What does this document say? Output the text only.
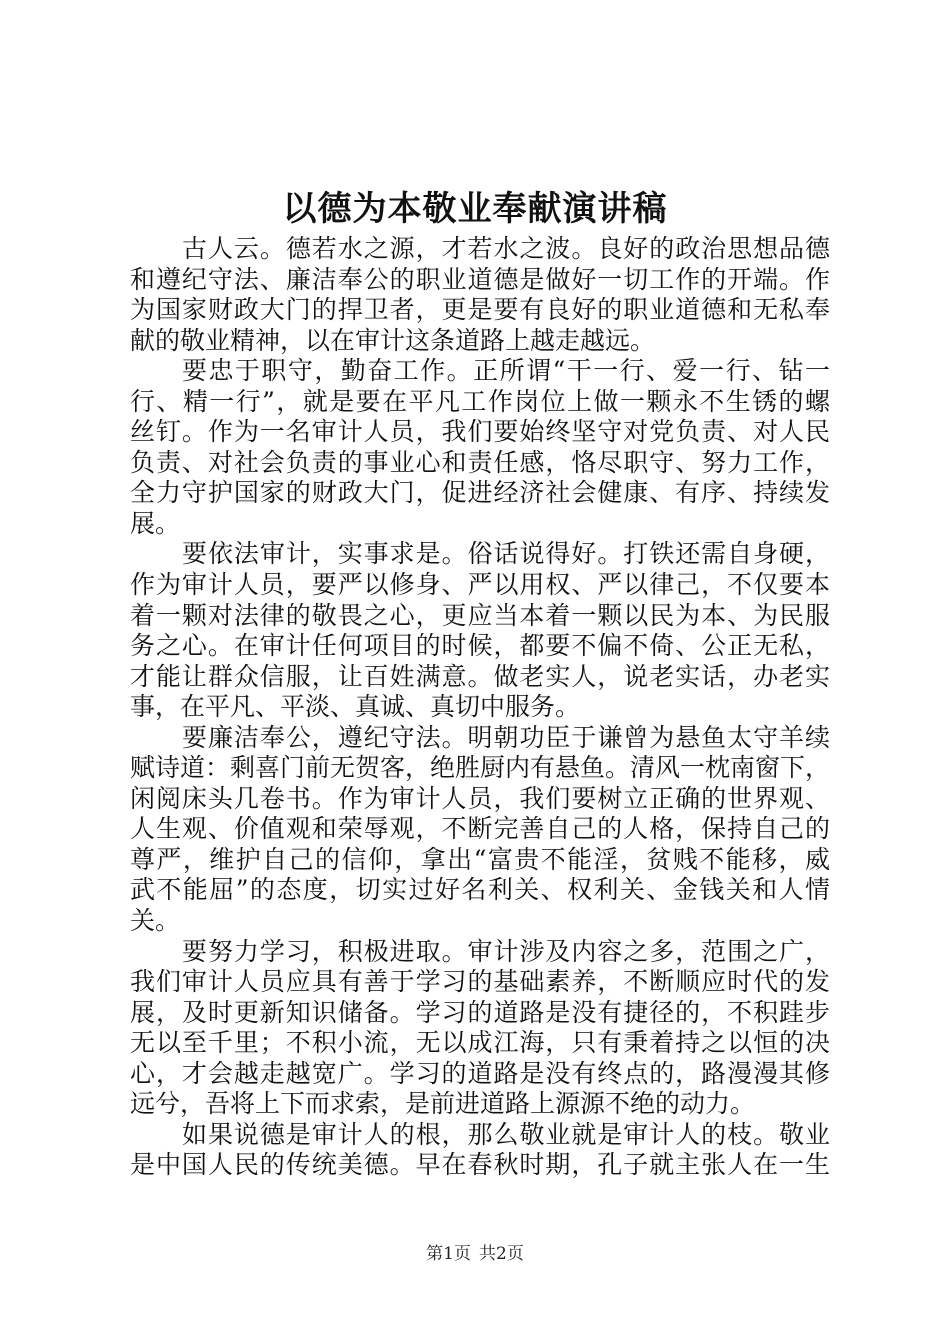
以德为本敬业奉献演讲稿
古人云。德若水之源，才若水之波。良好的政治思想品德
和遵纪守法、廉洁奉公的职业道德是做好一切工作的开端。作
为国家财政大门的捍卫者，更是要有良好的职业道德和无私奉
献的敬业精神，以在审计这条道路上越走越远。
要忠于职守，勤奋工作。正所谓“干一行、爱一行、钻一
行、精一行”，就是要在平凡工作岗位上做一颗永不生锈的螺
丝钉。作为一名审计人员，我们要始终坚守对党负责、对人民
负责、对社会负责的事业心和责任感，恪尽职守、努力工作，
全力守护国家的财政大门，促进经济社会健康、有序、持续发
展。
要依法审计，实事求是。俗话说得好。打铁还需自身硬，
作为审计人员，要严以修身、严以用权、严以律己，不仅要本
着一颗对法律的敬畏之心，更应当本着一颗以民为本、为民服
务之心。在审计任何项目的时候，都要不偏不倚、公正无私，
才能让群众信服，让百姓满意。做老实人，说老实话，办老实
事，在平凡、平淡、真诚、真切中服务。
要廉洁奉公，遵纪守法。明朝功臣于谦曾为悬鱼太守羊续
赋诗道：剩喜门前无贺客，绝胜厨内有悬鱼。清风一枕南窗下，
闲阅床头几卷书。作为审计人员，我们要树立正确的世界观、
人生观、价值观和荣辱观，不断完善自己的人格，保持自己的
尊严，维护自己的信仰，拿出“富贵不能淫，贫贱不能移，威
武不能屈”的态度，切实过好名利关、权利关、金钱关和人情
关。
要努力学习，积极进取。审计涉及内容之多，范围之广，
我们审计人员应具有善于学习的基础素养，不断顺应时代的发
展，及时更新知识储备。学习的道路是没有捷径的，不积跬步
无以至千里；不积小流，无以成江海，只有秉着持之以恒的决
心，才会越走越宽广。学习的道路是没有终点的，路漫漫其修
远兮，吾将上下而求索，是前进道路上源源不绝的动力。
如果说德是审计人的根，那么敬业就是审计人的枝。敬业
是中国人民的传统美德。早在春秋时期，孔子就主张人在一生
第1页 共2页
